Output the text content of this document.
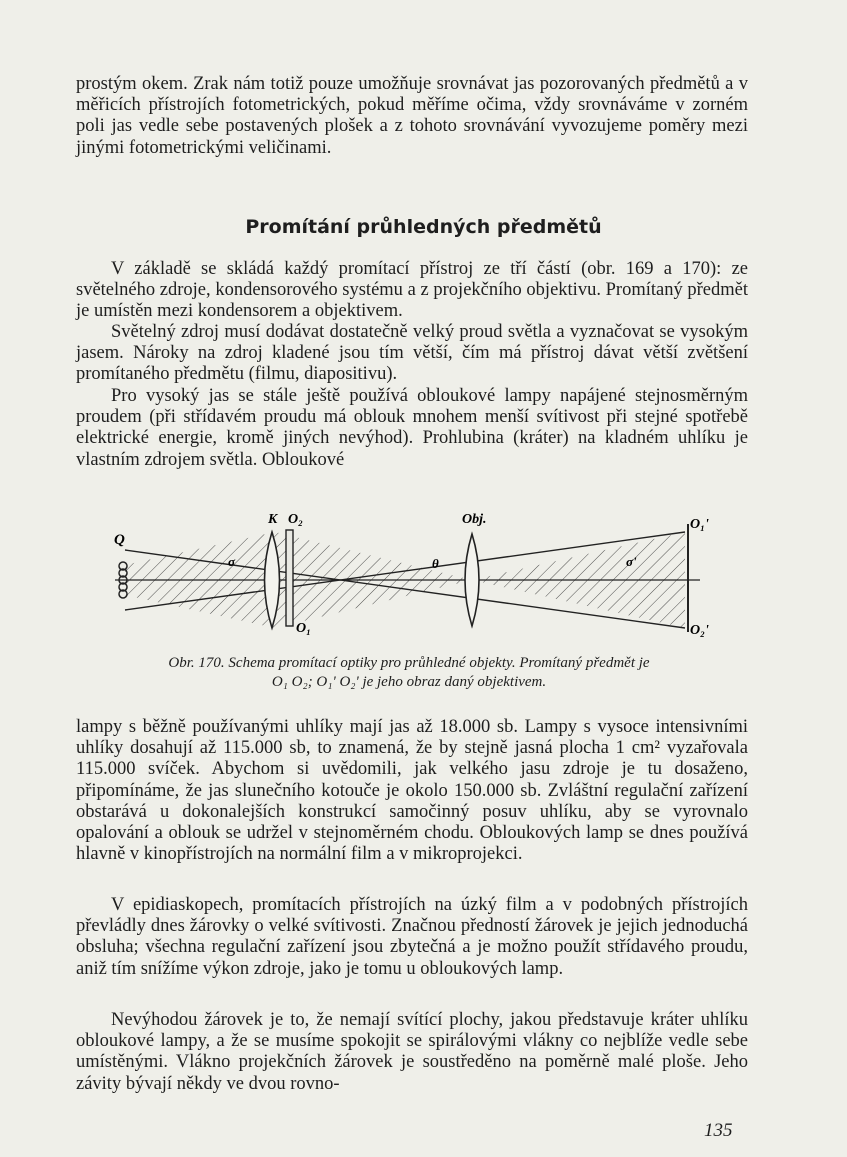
prostým okem. Zrak nám totiž pouze umožňuje srovnávat jas pozorovaných předmětů a v měřicích přístrojích fotometrických, pokud měříme očima, vždy srovnáváme v zorném poli jas vedle sebe postavených plošek a z tohoto srovnávání vyvozujeme poměry mezi jinými fotometrickými veličinami.

Promítání průhledných předmětů

V základě se skládá každý promítací přístroj ze tří částí (obr. 169 a 170): ze světelného zdroje, kondensorového systému a z projekčního objektivu. Promítaný předmět je umístěn mezi kondensorem a objektivem.

Světelný zdroj musí dodávat dostatečně velký proud světla a vyznačovat se vysokým jasem. Nároky na zdroj kladené jsou tím větší, čím má přístroj dávat větší zvětšení promítaného předmětu (filmu, diapositivu).

Pro vysoký jas se stále ještě používá obloukové lampy napájené stejnosměrným proudem (při střídavém proudu má oblouk mnohem menší svítivost při stejné spotřebě elektrické energie, kromě jiných nevýhod). Prohlubina (kráter) na kladném uhlíku je vlastním zdrojem světla. Obloukové

Q
K O₂
O₁
Obj.	O₁'
O₂'
σ	θ	σ'

Obr. 170. Schema promítací optiky pro průhledné objekty. Promítaný předmět je
O₁ O₂; O₁' O₂' je jeho obraz daný objektivem.

lampy s běžně používanými uhlíky mají jas až 18.000 sb. Lampy s vysoce intensivními uhlíky dosahují až 115.000 sb, to znamená, že by stejně jasná plocha 1 cm² vyzařovala 115.000 svíček. Abychom si uvědomili, jak velkého jasu zdroje je tu dosaženo, připomínáme, že jas slunečního kotouče je okolo 150.000 sb. Zvláštní regulační zařízení obstarává u dokonalejších konstrukcí samočinný posuv uhlíku, aby se vyrovnalo opalování a oblouk se udržel v stejnoměrném chodu. Obloukových lamp se dnes používá hlavně v kinopřístrojích na normální film a v mikroprojekci.

V epidiaskopech, promítacích přístrojích na úzký film a v podobných přístrojích převládly dnes žárovky o velké svítivosti. Značnou předností žárovek je jejich jednoduchá obsluha; všechna regulační zařízení jsou zbytečná a je možno použít střídavého proudu, aniž tím snížíme výkon zdroje, jako je tomu u obloukových lamp.

Nevýhodou žárovek je to, že nemají svítící plochy, jakou představuje kráter uhlíku obloukové lampy, a že se musíme spokojit se spirálovými vlákny co nejblíže vedle sebe umístěnými. Vlákno projekčních žárovek je soustředěno na poměrně malé ploše. Jeho závity bývají někdy ve dvou rovno-

135
